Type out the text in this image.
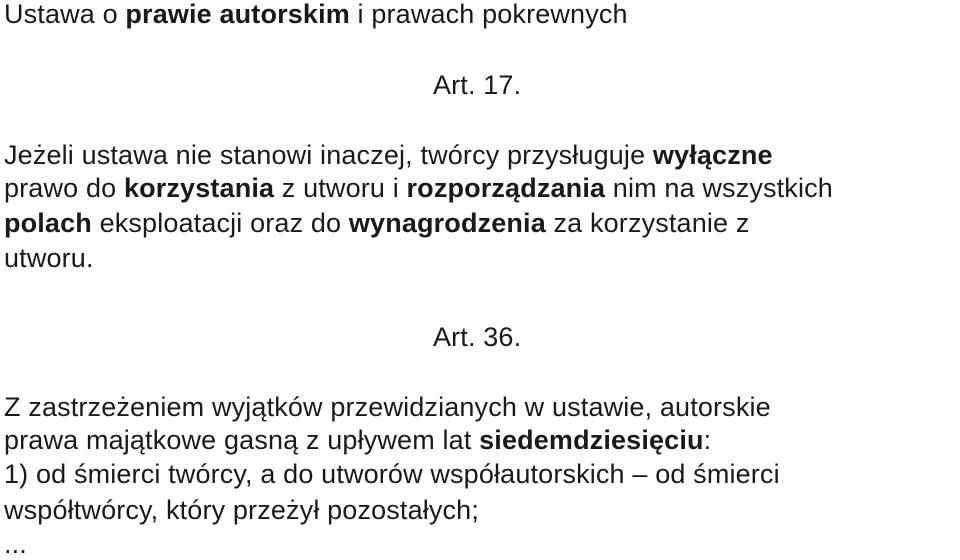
Ustawa o prawie autorskim i prawach pokrewnych
Art. 17.
Jeżeli ustawa nie stanowi inaczej, twórcy przysługuje wyłączne
prawo do korzystania z utworu i rozporządzania nim na wszystkich
polach eksploatacji oraz do wynagrodzenia za korzystanie z
utworu.
Art. 36.
Z zastrzeżeniem wyjątków przewidzianych w ustawie, autorskie
prawa majątkowe gasną z upływem lat siedemdziesięciu:
1) od śmierci twórcy, a do utworów współautorskich – od śmierci
współtwórcy, który przeżył pozostałych;
...
